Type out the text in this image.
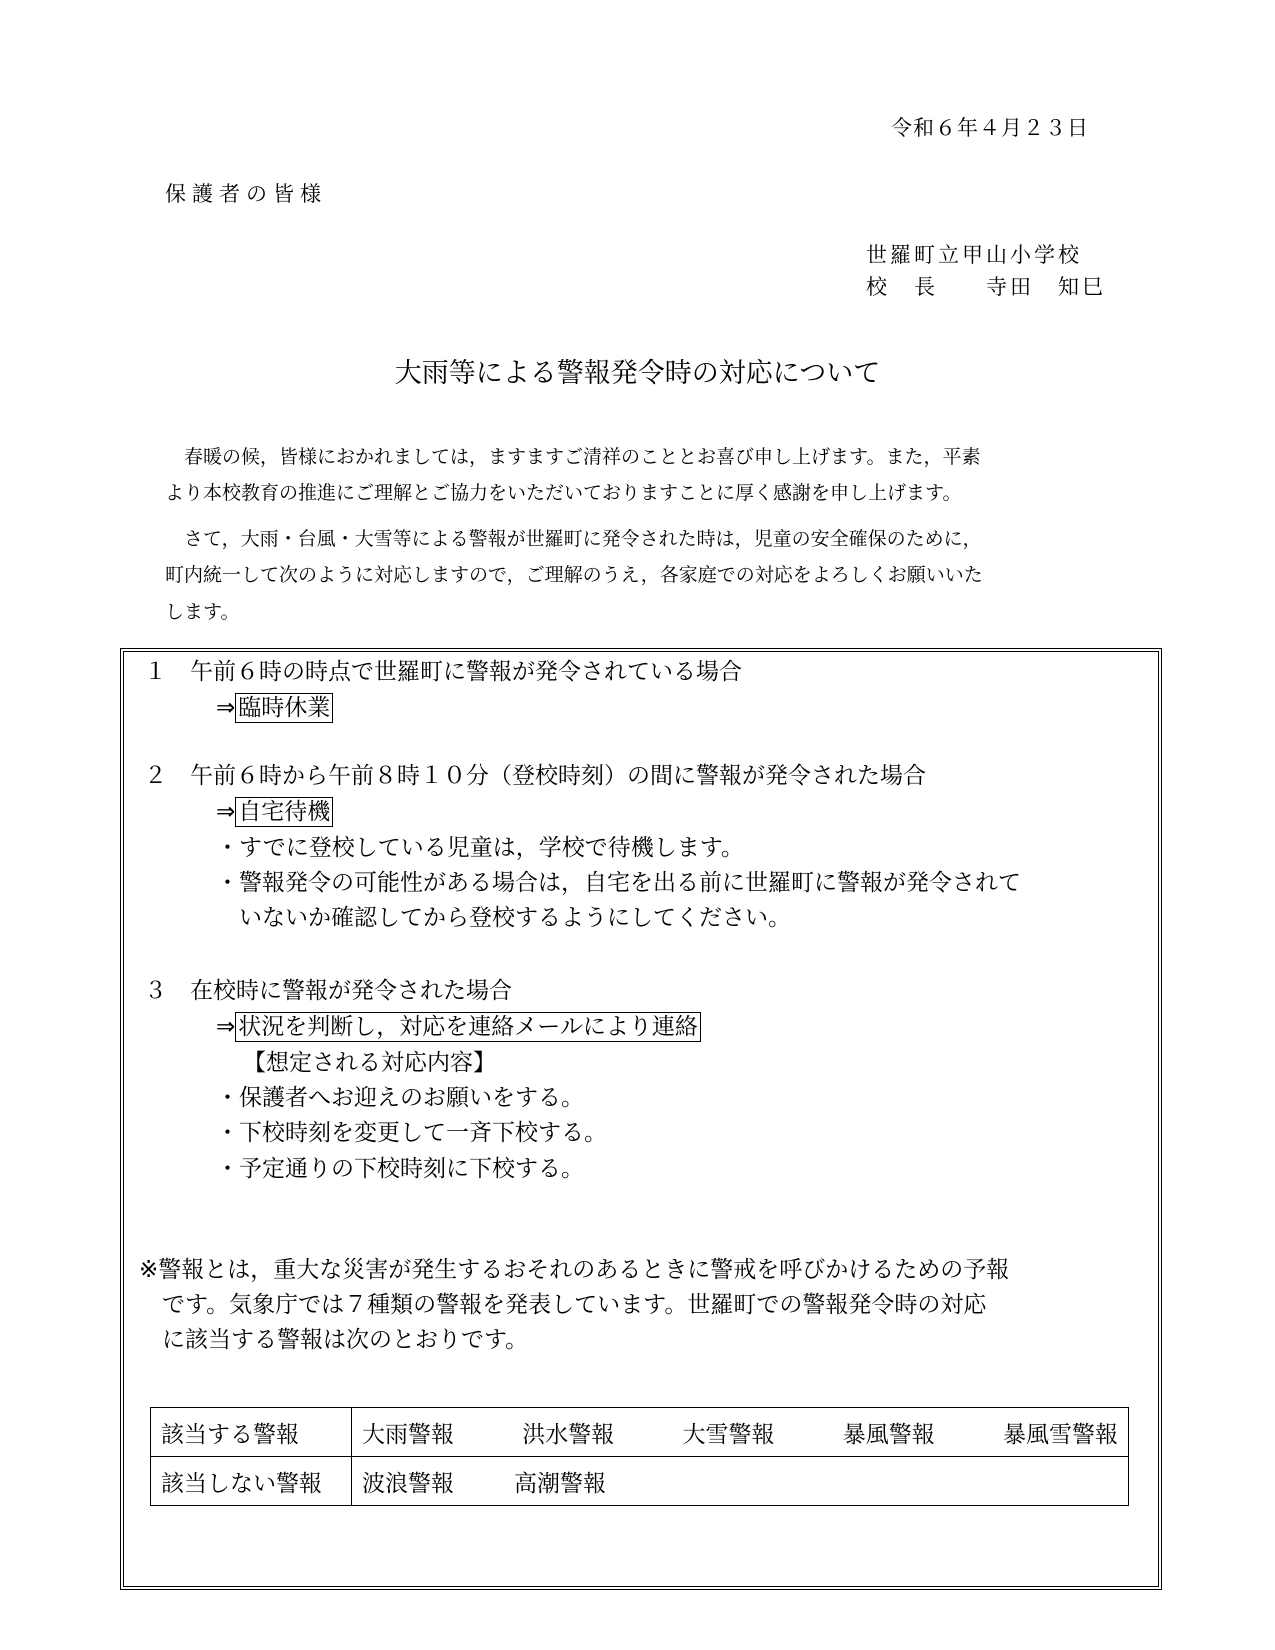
令和６年４月２３日
保護者の皆様
世羅町立甲山小学校
校　長　　寺田　知巳
大雨等による警報発令時の対応について
　春暖の候，皆様におかれましては，ますますご清祥のこととお喜び申し上げます。また，平素
より本校教育の推進にご理解とご協力をいただいておりますことに厚く感謝を申し上げます。
　さて，大雨・台風・大雪等による警報が世羅町に発令された時は，児童の安全確保のために，
町内統一して次のように対応しますので，ご理解のうえ，各家庭での対応をよろしくお願いいた
します。
１　午前６時の時点で世羅町に警報が発令されている場合
⇒ 臨時休業
２　午前６時から午前８時１０分（登校時刻）の間に警報が発令された場合
⇒ 自宅待機
・すでに登校している児童は，学校で待機します。
・警報発令の可能性がある場合は，自宅を出る前に世羅町に警報が発令されて
　いないか確認してから登校するようにしてください。
３　在校時に警報が発令された場合
⇒ 状況を判断し，対応を連絡メールにより連絡
【想定される対応内容】
・保護者へお迎えのお願いをする。
・下校時刻を変更して一斉下校する。
・予定通りの下校時刻に下校する。
※警報とは，重大な災害が発生するおそれのあるときに警戒を呼びかけるための予報
　です。気象庁では７種類の警報を発表しています。世羅町での警報発令時の対応
　に該当する警報は次のとおりです。
該当する警報	大雨警報 洪水警報 大雪警報 暴風警報 暴風雪警報

該当しない警報	波浪警報 高潮警報
